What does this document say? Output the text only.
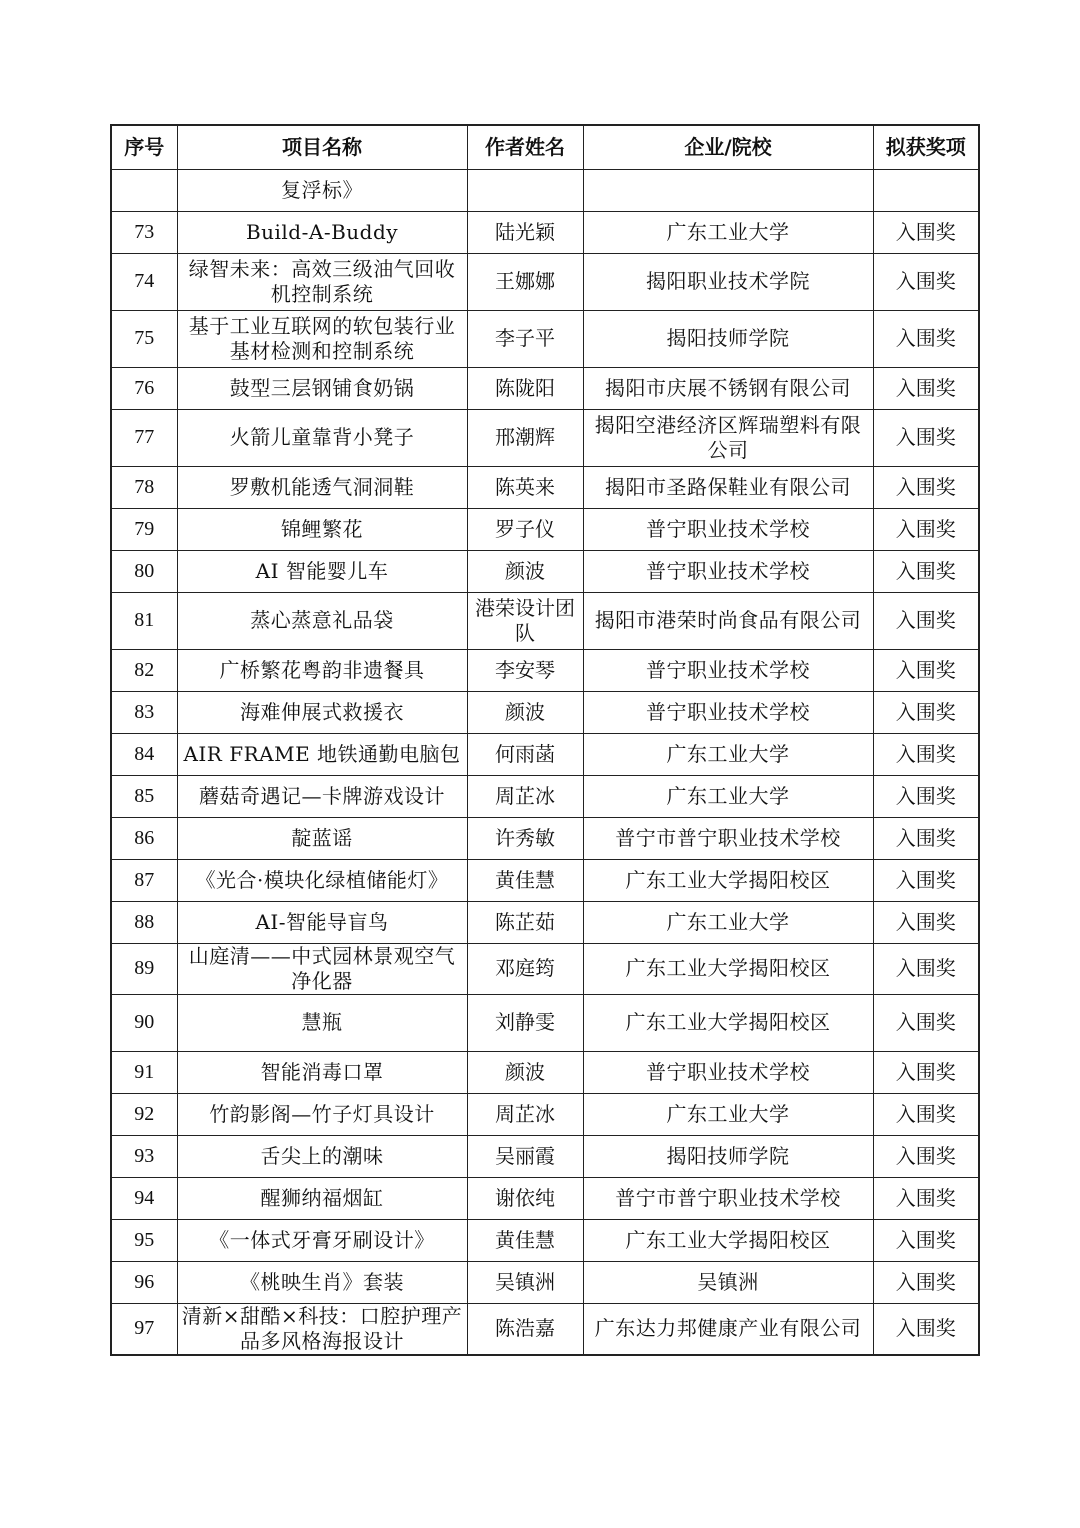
序号	项目名称	作者姓名	企业/院校	拟获奖项
	复浮标》			
73	Build-A-Buddy	陆光颖	广东工业大学	入围奖
74	绿智未来：高效三级油气回收机控制系统	王娜娜	揭阳职业技术学院	入围奖
75	基于工业互联网的软包装行业基材检测和控制系统	李子平	揭阳技师学院	入围奖
76	鼓型三层钢铺食奶锅	陈陇阳	揭阳市庆展不锈钢有限公司	入围奖
77	火箭儿童靠背小凳子	邢潮辉	揭阳空港经济区辉瑞塑料有限公司	入围奖
78	罗敷机能透气洞洞鞋	陈英来	揭阳市圣路保鞋业有限公司	入围奖
79	锦鲤繁花	罗子仪	普宁职业技术学校	入围奖
80	AI 智能婴儿车	颜波	普宁职业技术学校	入围奖
81	蒸心蒸意礼品袋	港荣设计团队	揭阳市港荣时尚食品有限公司	入围奖
82	广桥繁花粤韵非遗餐具	李安琴	普宁职业技术学校	入围奖
83	海难伸展式救援衣	颜波	普宁职业技术学校	入围奖
84	AIR FRAME 地铁通勤电脑包	何雨菡	广东工业大学	入围奖
85	蘑菇奇遇记—卡牌游戏设计	周芷冰	广东工业大学	入围奖
86	靛蓝谣	许秀敏	普宁市普宁职业技术学校	入围奖
87	《光合·模块化绿植储能灯》	黄佳慧	广东工业大学揭阳校区	入围奖
88	AI-智能导盲鸟	陈芷茹	广东工业大学	入围奖
89	山庭清——中式园林景观空气净化器	邓庭筠	广东工业大学揭阳校区	入围奖
90	慧瓶	刘静雯	广东工业大学揭阳校区	入围奖
91	智能消毒口罩	颜波	普宁职业技术学校	入围奖
92	竹韵影阁—竹子灯具设计	周芷冰	广东工业大学	入围奖
93	舌尖上的潮味	吴丽霞	揭阳技师学院	入围奖
94	醒狮纳福烟缸	谢依纯	普宁市普宁职业技术学校	入围奖
95	《一体式牙膏牙刷设计》	黄佳慧	广东工业大学揭阳校区	入围奖
96	《桃映生肖》套装	吴镇洲	吴镇洲	入围奖
97	清新×甜酷×科技：口腔护理产品多风格海报设计	陈浩嘉	广东达力邦健康产业有限公司	入围奖
